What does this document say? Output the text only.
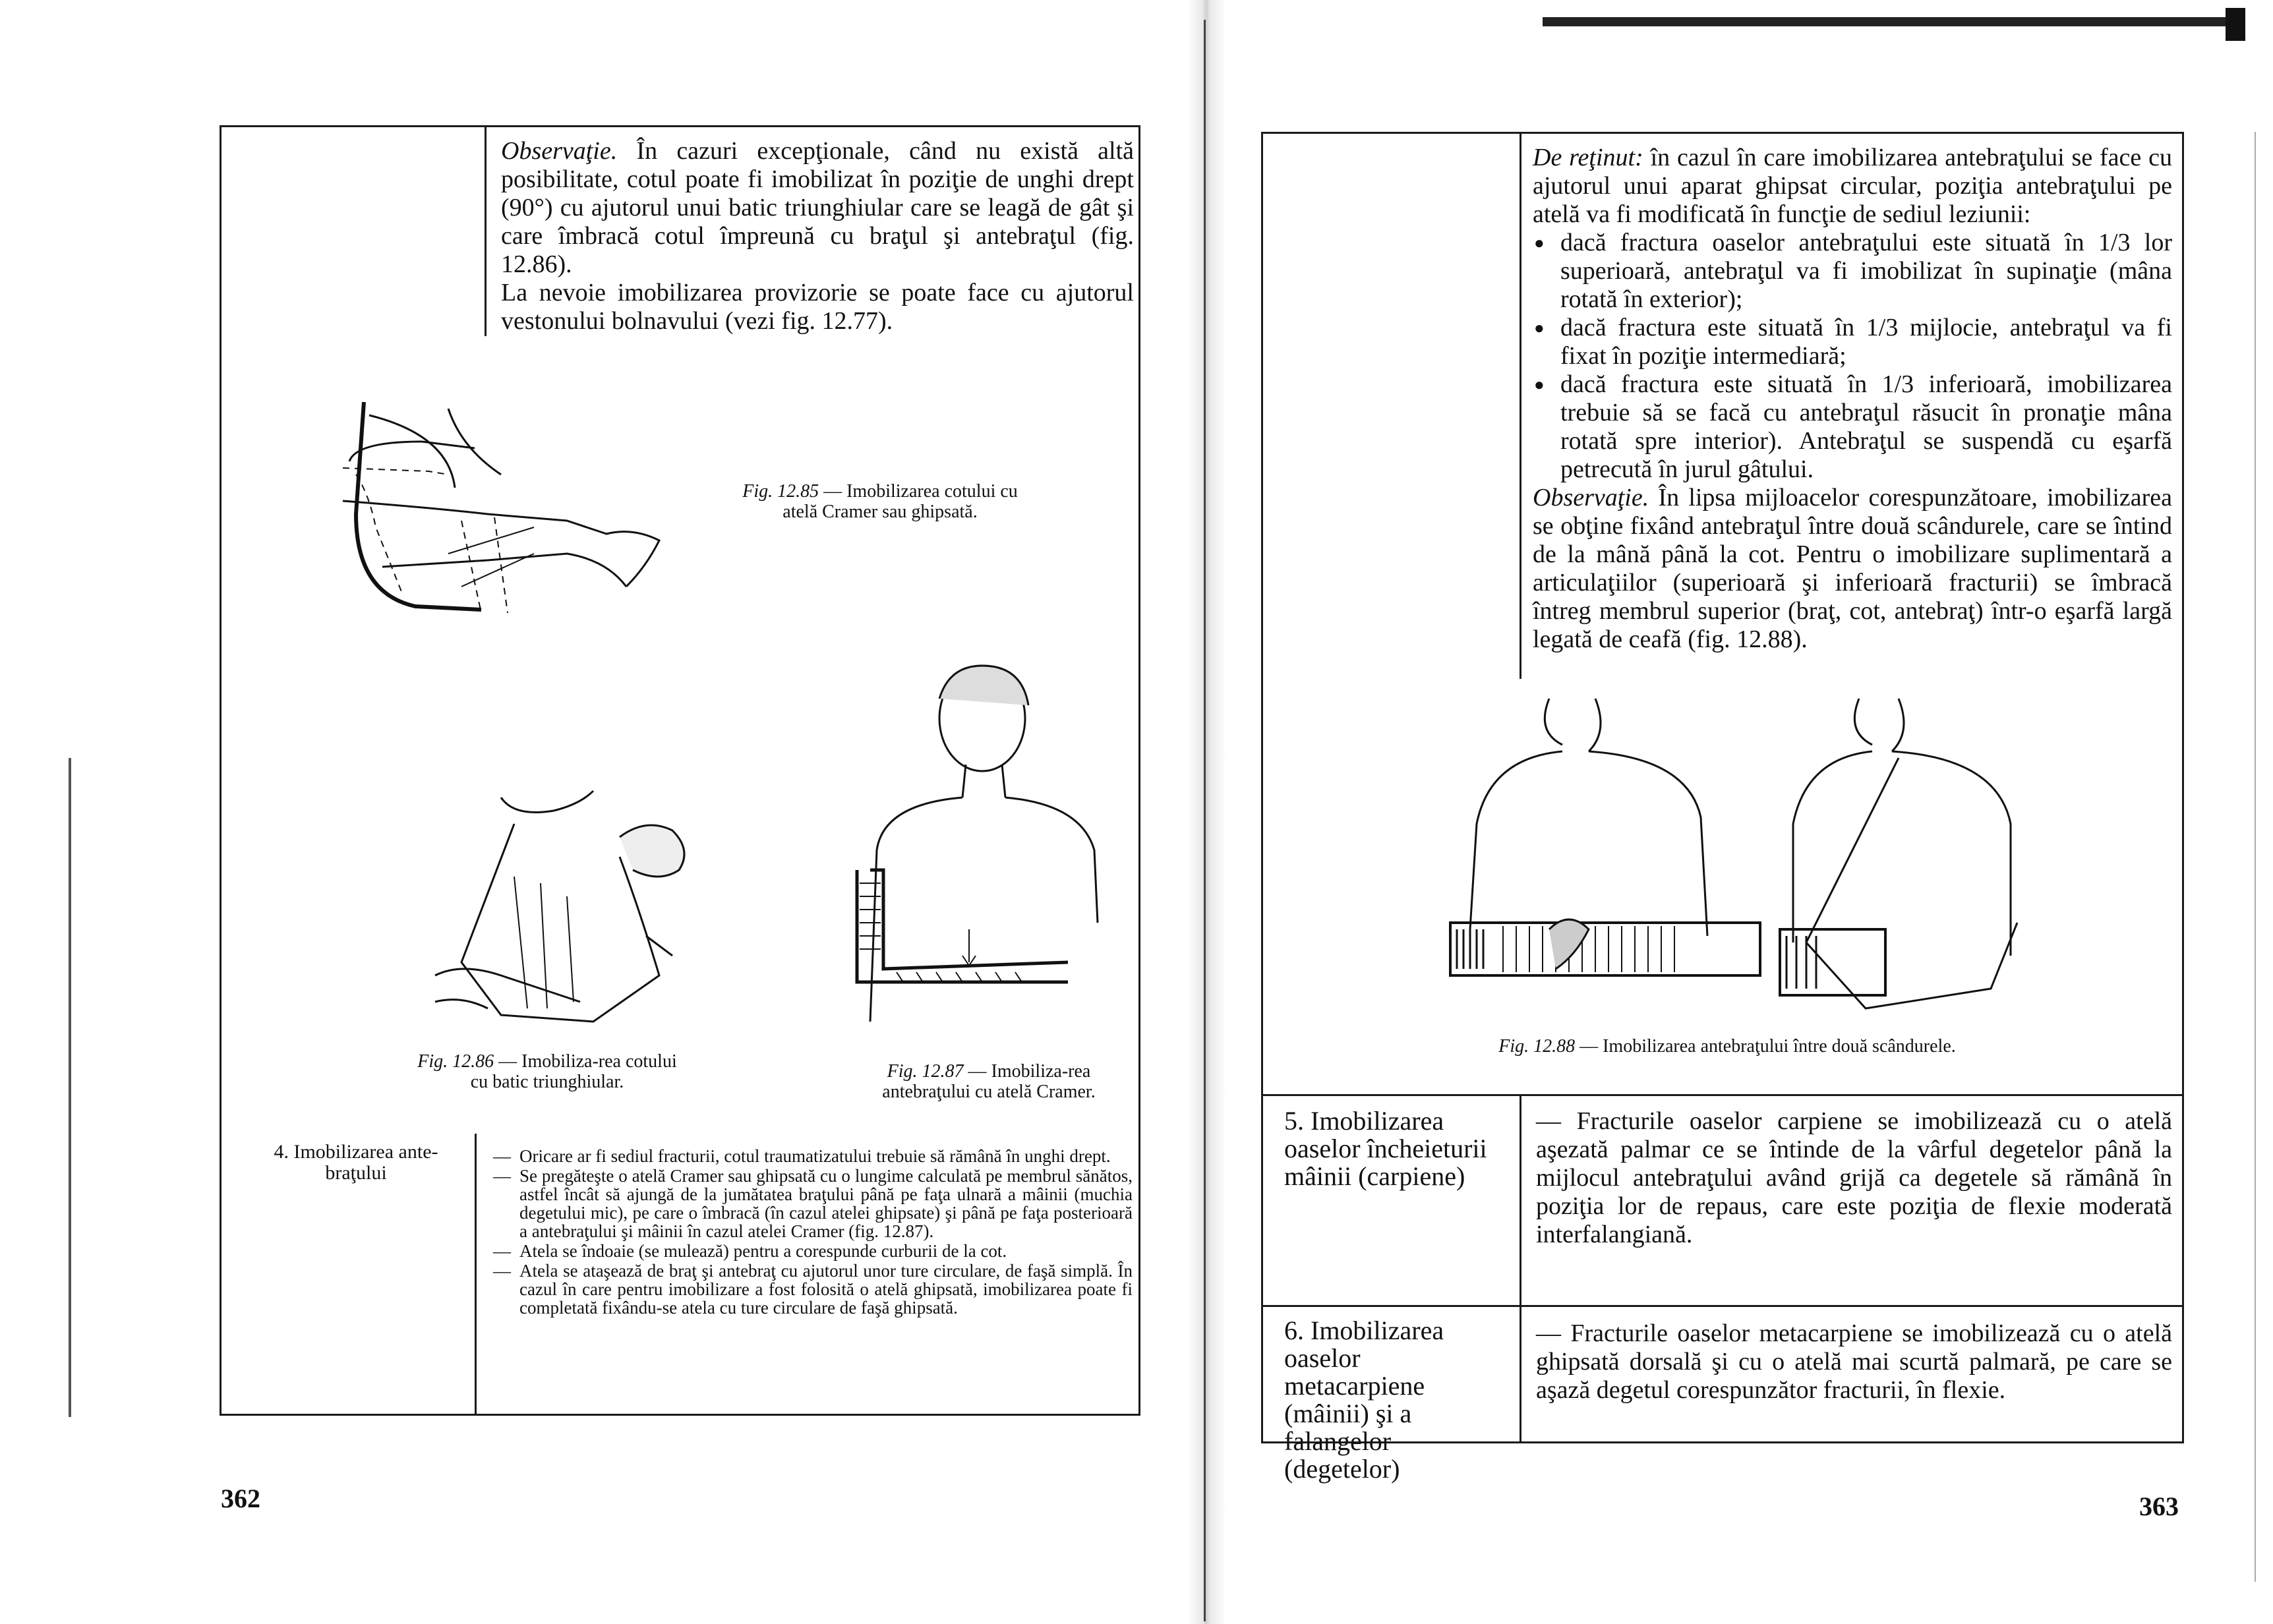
Observaţie. În cazuri excepţionale, când nu există altă posibilitate, cotul poate fi imobilizat în poziţie de unghi drept (90°) cu ajutorul unui batic triunghiular care se leagă de gât şi care îmbracă cotul împreună cu braţul şi antebraţul (fig. 12.86).
La nevoie imobilizarea provizorie se poate face cu ajutorul vestonului bolnavului (vezi fig. 12.77).
Fig. 12.85 — Imobilizarea cotului cu atelă Cramer sau ghipsată.
Fig. 12.86 — Imobiliza-rea cotului cu batic triunghiular.
Fig. 12.87 — Imobiliza-rea antebraţului cu atelă Cramer.
4. Imobilizarea ante-braţului
— Oricare ar fi sediul fracturii, cotul traumatizatului trebuie să rămână în unghi drept.
— Se pregăteşte o atelă Cramer sau ghipsată cu o lungime calculată pe membrul sănătos, astfel încât să ajungă de la jumătatea braţului până pe faţa ulnară a mâinii (muchia degetului mic), pe care o îmbracă (în cazul atelei ghipsate) şi până pe faţa posterioară a antebraţului şi mâinii în cazul atelei Cramer (fig. 12.87).
— Atela se îndoaie (se mulează) pentru a corespunde curburii de la cot.
— Atela se ataşează de braţ şi antebraţ cu ajutorul unor ture circulare, de faşă simplă. În cazul în care pentru imobilizare a fost folosită o atelă ghipsată, imobilizarea poate fi completată fixându-se atela cu ture circulare de faşă ghipsată.
362
De reţinut: în cazul în care imobilizarea antebraţului se face cu ajutorul unui aparat ghipsat circular, poziţia antebraţului pe atelă va fi modificată în funcţie de sediul leziunii:
● dacă fractura oaselor antebraţului este situată în 1/3 lor superioară, antebraţul va fi imobilizat în supinaţie (mâna rotată în exterior);
● dacă fractura este situată în 1/3 mijlocie, antebraţul va fi fixat în poziţie intermediară;
● dacă fractura este situată în 1/3 inferioară, imobilizarea trebuie să se facă cu antebraţul răsucit în pronaţie mâna rotată spre interior). Antebraţul se suspendă cu eşarfă petrecută în jurul gâtului.
Observaţie. În lipsa mijloacelor corespunzătoare, imobilizarea se obţine fixând antebraţul între două scândurele, care se întind de la mână până la cot. Pentru o imobilizare suplimentară a articulaţiilor (superioară şi inferioară fracturii) se îmbracă întreg membrul superior (braţ, cot, antebraţ) într-o eşarfă largă legată de ceafă (fig. 12.88).
Fig. 12.88 — Imobilizarea antebraţului între două scândurele.
5. Imobilizarea oaselor încheieturii mâinii (carpiene)
— Fracturile oaselor carpiene se imobilizează cu o atelă aşezată palmar ce se întinde de la vârful degetelor până la mijlocul antebraţului având grijă ca degetele să rămână în poziţia lor de repaus, care este poziţia de flexie moderată interfalangiană.
6. Imobilizarea oaselor metacarpiene (mâinii) şi a falangelor (degetelor)
— Fracturile oaselor metacarpiene se imobilizează cu o atelă ghipsată dorsală şi cu o atelă mai scurtă palmară, pe care se aşază degetul corespunzător fracturii, în flexie.
363
